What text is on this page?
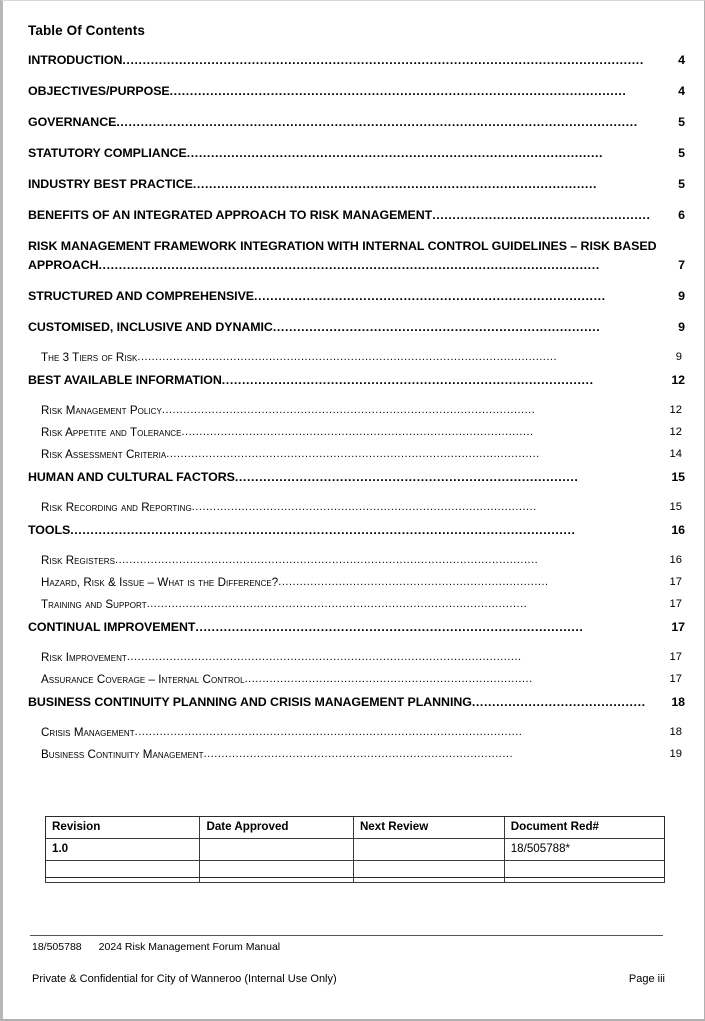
Table Of Contents
INTRODUCTION .................................................................................................................................	4
OBJECTIVES/PURPOSE .................................................................................................................	4
GOVERNANCE .................................................................................................................................	5
STATUTORY COMPLIANCE .......................................................................................................	5
INDUSTRY BEST PRACTICE ....................................................................................................	5
BENEFITS OF AN INTEGRATED APPROACH TO RISK MANAGEMENT ......................................................	6
RISK MANAGEMENT FRAMEWORK INTEGRATION WITH INTERNAL CONTROL GUIDELINES – RISK BASED
APPROACH ............................................................................................................................	7
STRUCTURED AND COMPREHENSIVE .......................................................................................	9
CUSTOMISED, INCLUSIVE AND DYNAMIC .................................................................................	9
The 3 Tiers of Risk ......................................................................................................................	9
BEST AVAILABLE INFORMATION ............................................................................................	12
Risk Management Policy .........................................................................................................	12
Risk Appetite and Tolerance ...................................................................................................	12
Risk Assessment Criteria .........................................................................................................	14
HUMAN AND CULTURAL FACTORS .....................................................................................	15
Risk Recording and Reporting .................................................................................................	15
TOOLS .............................................................................................................................	16
Risk Registers .......................................................................................................................	16
Hazard, Risk & Issue – What is the Difference? ............................................................................	17
Training and Support ...........................................................................................................	17
CONTINUAL IMPROVEMENT ................................................................................................	17
Risk Improvement ...............................................................................................................	17
Assurance Coverage – Internal Control .................................................................................	17
BUSINESS CONTINUITY PLANNING AND CRISIS MANAGEMENT PLANNING ...........................................	18
Crisis Management .............................................................................................................	18
Business Continuity Management .......................................................................................	19
Revision	Date Approved	Next Review	Document Red#
1.0			18/505788*

18/505788 2024 Risk Management Forum Manual
Private & Confidential for City of Wanneroo (Internal Use Only)	Page iii
